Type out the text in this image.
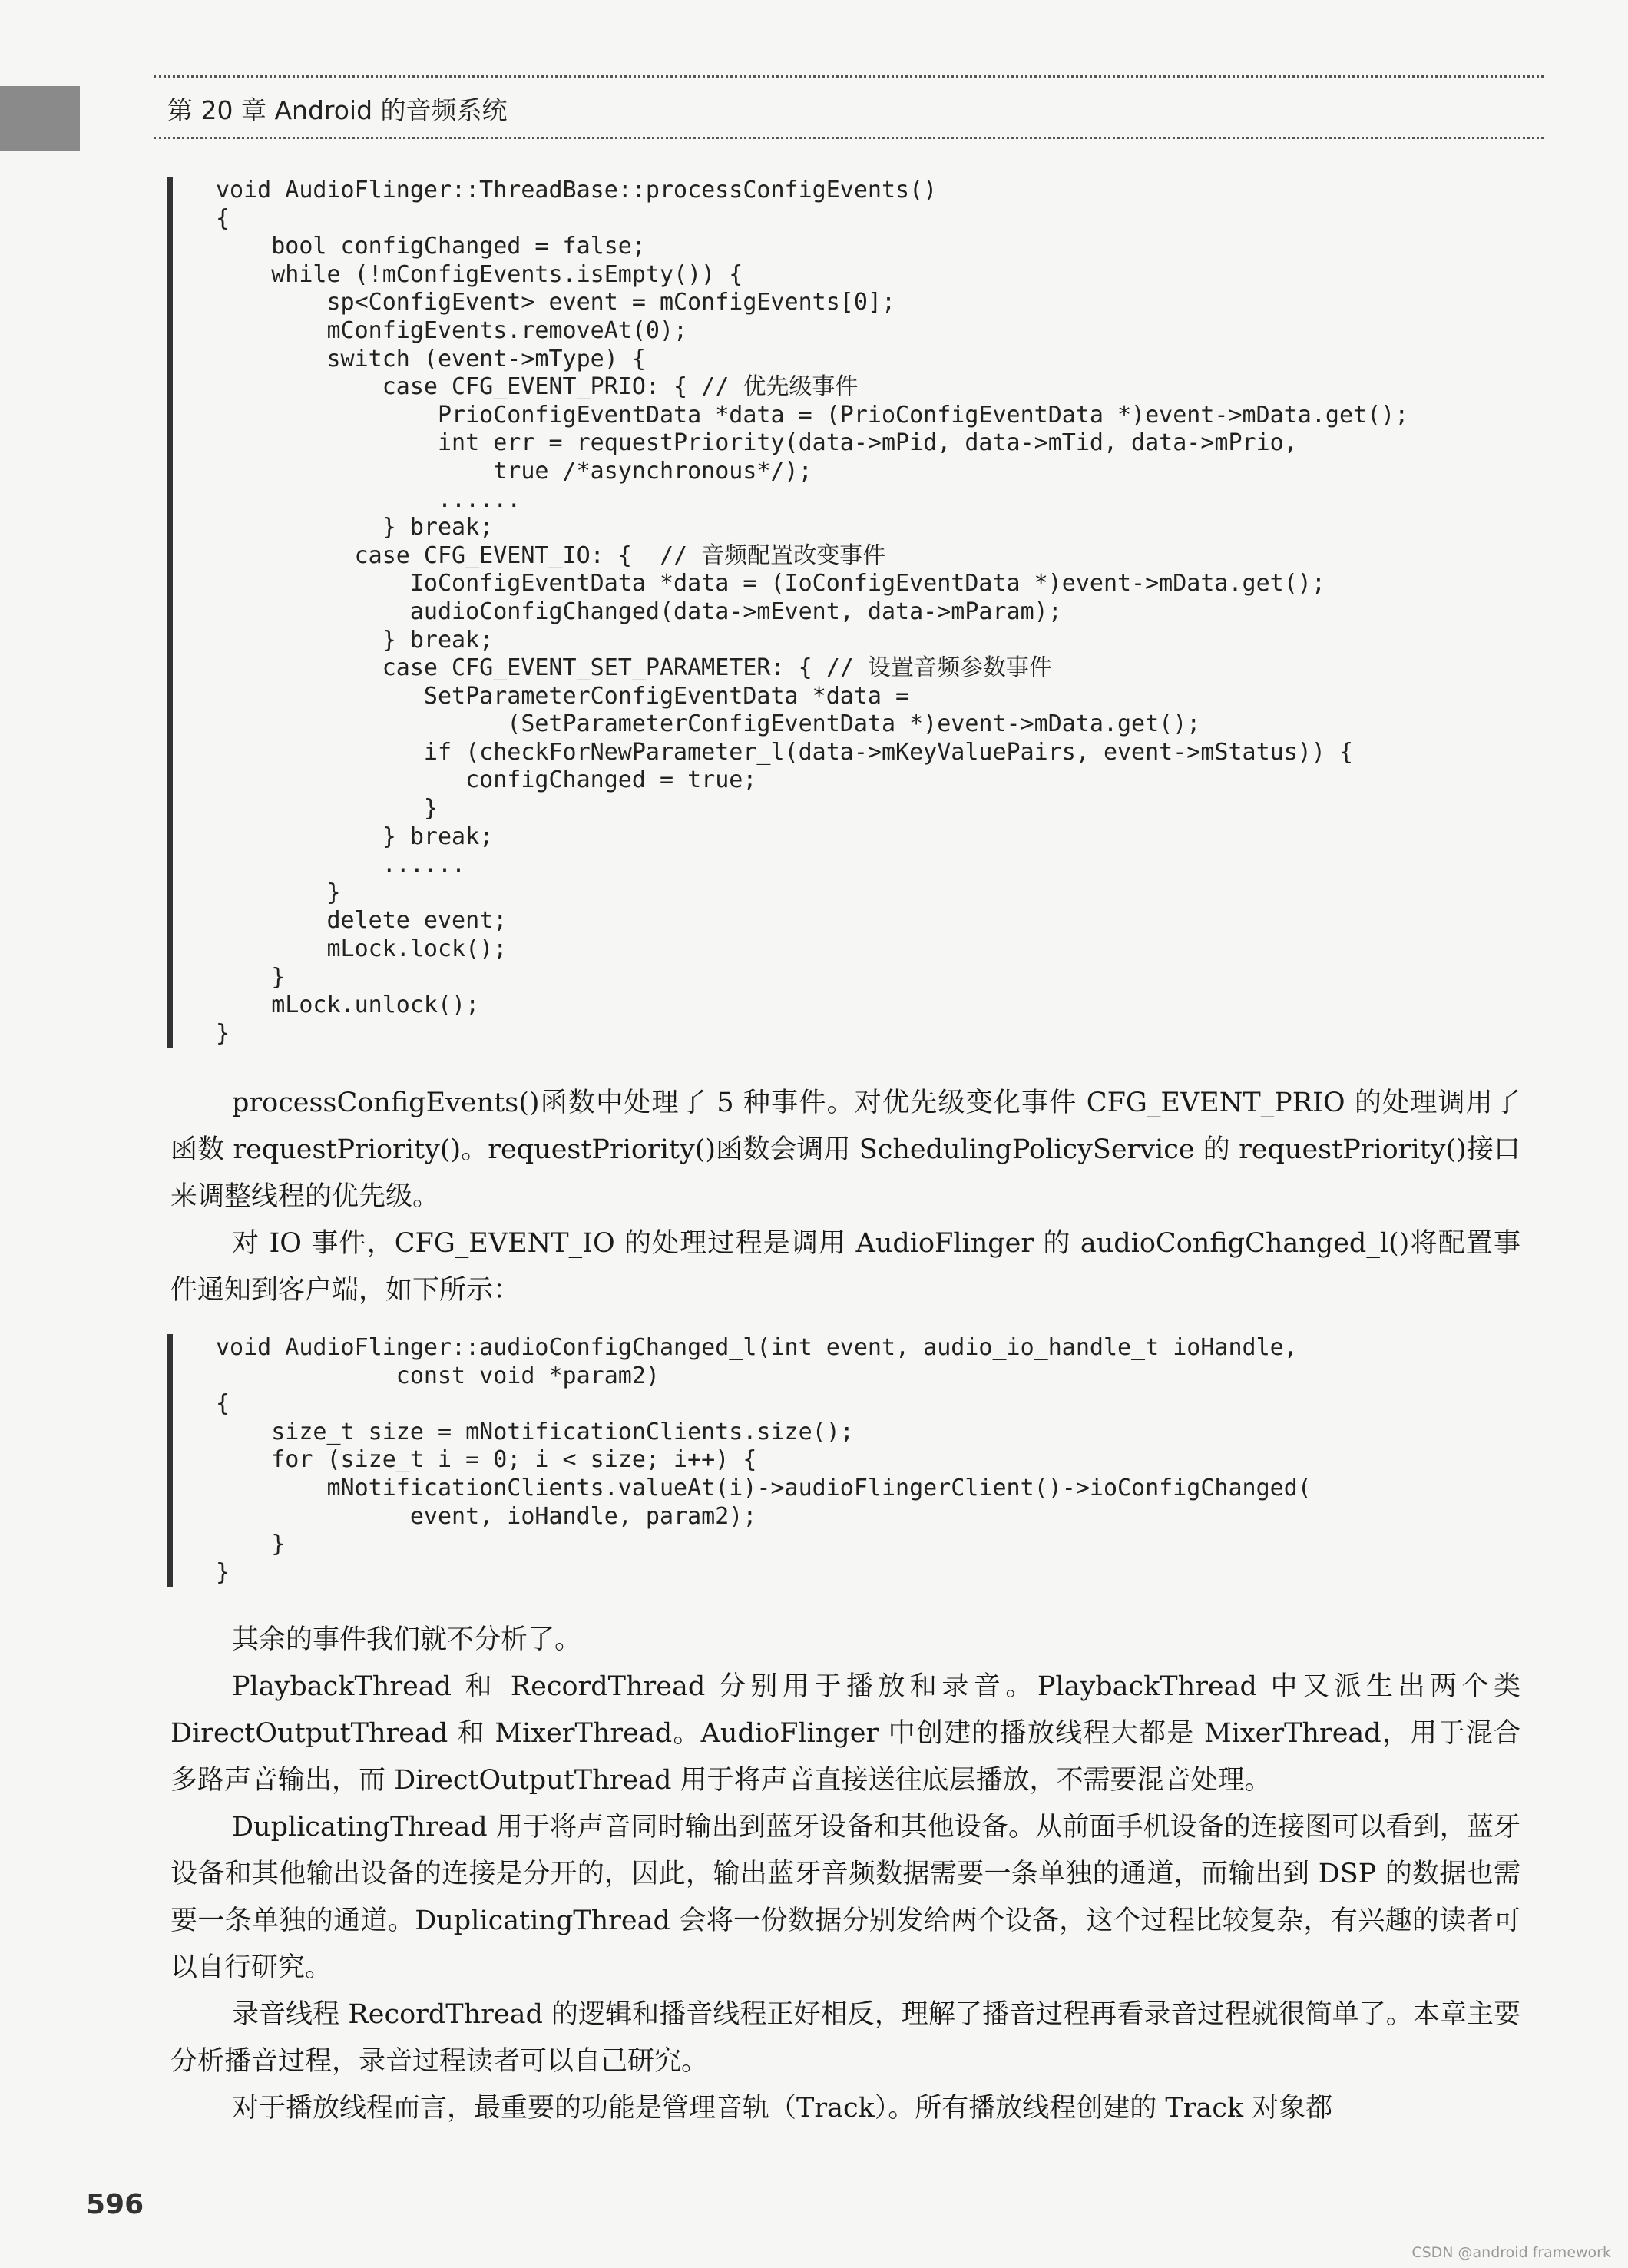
第 20 章 Android 的音频系统
void AudioFlinger::ThreadBase::processConfigEvents()
{
bool configChanged = false;
while (!mConfigEvents.isEmpty()) {
sp<ConfigEvent> event = mConfigEvents[0];
mConfigEvents.removeAt(0);
switch (event->mType) {
case CFG_EVENT_PRIO: { // 优先级事件
PrioConfigEventData *data = (PrioConfigEventData *)event->mData.get();
int err = requestPriority(data->mPid, data->mTid, data->mPrio,
true /*asynchronous*/);
......
} break;
case CFG_EVENT_IO: {  // 音频配置改变事件
IoConfigEventData *data = (IoConfigEventData *)event->mData.get();
audioConfigChanged(data->mEvent, data->mParam);
} break;
case CFG_EVENT_SET_PARAMETER: { // 设置音频参数事件
SetParameterConfigEventData *data =
(SetParameterConfigEventData *)event->mData.get();
if (checkForNewParameter_l(data->mKeyValuePairs, event->mStatus)) {
configChanged = true;
}
} break;
......
}
delete event;
mLock.lock();
}
mLock.unlock();
}

processConfigEvents()函数中处理了 5 种事件。对优先级变化事件 CFG_EVENT_PRIO 的处理调用了函数 requestPriority()。requestPriority()函数会调用 SchedulingPolicyService 的 requestPriority()接口来调整线程的优先级。

对 IO 事件，CFG_EVENT_IO 的处理过程是调用 AudioFlinger 的 audioConfigChanged_l()将配置事件通知到客户端，如下所示：

void AudioFlinger::audioConfigChanged_l(int event, audio_io_handle_t ioHandle,
const void *param2)
{
size_t size = mNotificationClients.size();
for (size_t i = 0; i < size; i++) {
mNotificationClients.valueAt(i)->audioFlingerClient()->ioConfigChanged(
event, ioHandle, param2);
}
}

其余的事件我们就不分析了。

PlaybackThread 和 RecordThread 分别用于播放和录音。PlaybackThread 中又派生出两个类 DirectOutputThread 和 MixerThread。AudioFlinger 中创建的播放线程大都是 MixerThread，用于混合多路声音输出，而 DirectOutputThread 用于将声音直接送往底层播放，不需要混音处理。

DuplicatingThread 用于将声音同时输出到蓝牙设备和其他设备。从前面手机设备的连接图可以看到，蓝牙设备和其他输出设备的连接是分开的，因此，输出蓝牙音频数据需要一条单独的通道，而输出到 DSP 的数据也需要一条单独的通道。DuplicatingThread 会将一份数据分别发给两个设备，这个过程比较复杂，有兴趣的读者可以自行研究。

录音线程 RecordThread 的逻辑和播音线程正好相反，理解了播音过程再看录音过程就很简单了。本章主要分析播音过程，录音过程读者可以自己研究。

对于播放线程而言，最重要的功能是管理音轨（Track）。所有播放线程创建的 Track 对象都

596
CSDN @android framework
